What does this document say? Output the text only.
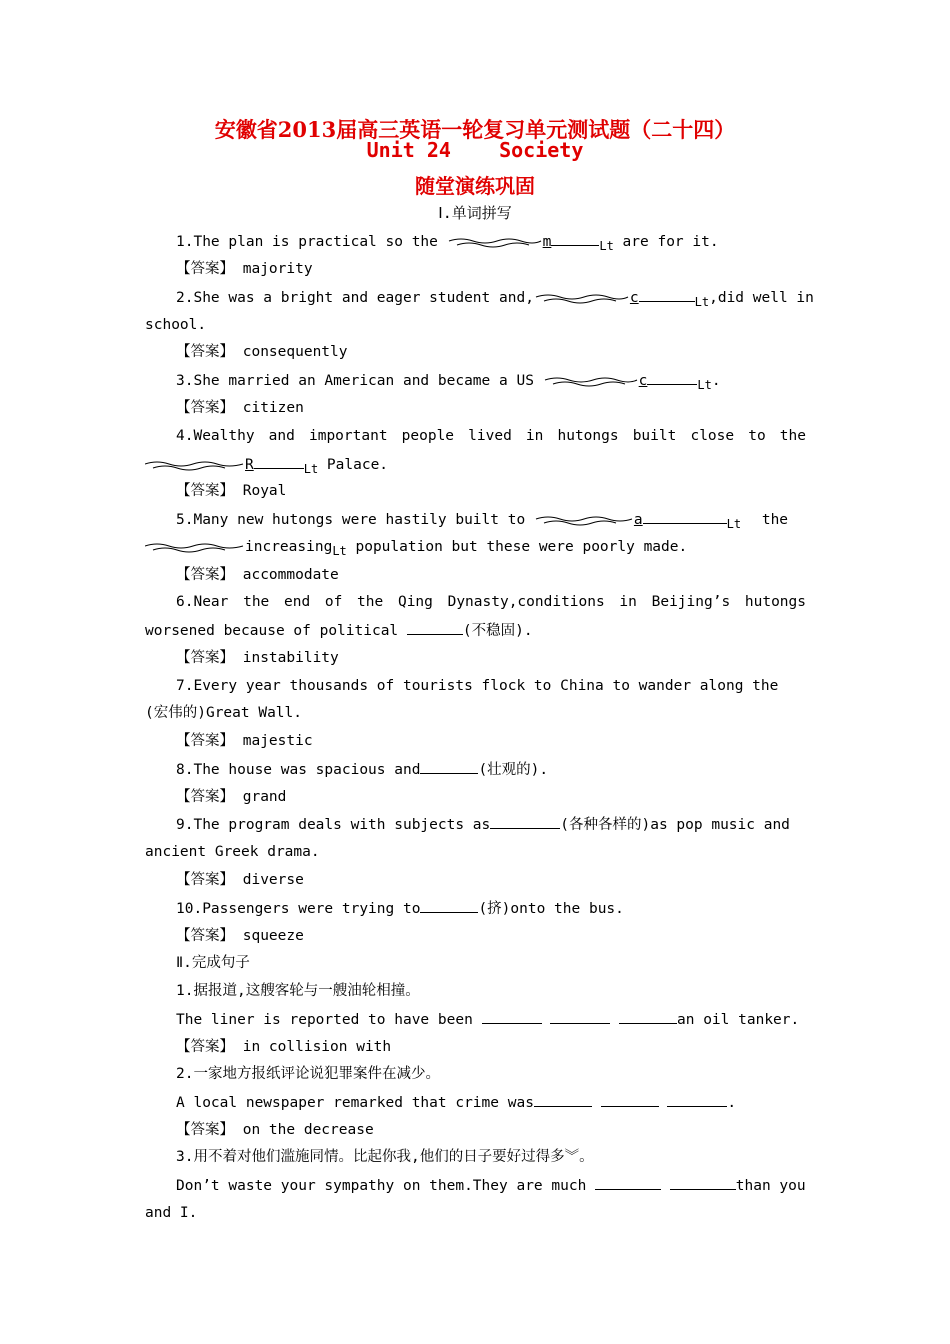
安徽省2013届高三英语一轮复习单元测试题（二十四）
Unit 24    Society
随堂演练巩固
Ⅰ.单词拼写
1.The plan is practical so the	m	$_{Lt}$ are for it.
【答案】 majority
2.She was a bright and eager student and,	c	$_{Lt}$,did well in
school.
【答案】 consequently
3.She married an American and became a US	c	$_{Lt}$.
【答案】 citizen
4.Wealthy and important people lived in hutongs built close to the
R	$_{Lt}$ Palace.
【答案】 Royal
5.Many new hutongs were hastily built to	a	$_{Lt}$ the
increasing$_{Lt}$ population but these were poorly made.
【答案】 accommodate
6.Near the end of the Qing Dynasty,conditions in Beijing’s hutongs
worsened because of political	(不稳固).
【答案】 instability
7.Every year thousands of tourists flock to China to wander along the
(宏伟的)Great Wall.
【答案】 majestic
8.The house was spacious and	(壮观的).
【答案】 grand
9.The program deals with subjects as	(各种各样的)as pop music and
ancient Greek drama.
【答案】 diverse
10.Passengers were trying to	(挤)onto the bus.
【答案】 squeeze
Ⅱ.完成句子
1.据报道,这艘客轮与一艘油轮相撞。
The liner is reported to have been	an oil tanker.
【答案】 in collision with
2.一家地方报纸评论说犯罪案件在减少。
A local newspaper remarked that crime was	.
【答案】 on the decrease
3.用不着对他们滥施同情。比起你我,他们的日子要好过得多︾。
Don’t waste your sympathy on them.They are much	than you
and I.
